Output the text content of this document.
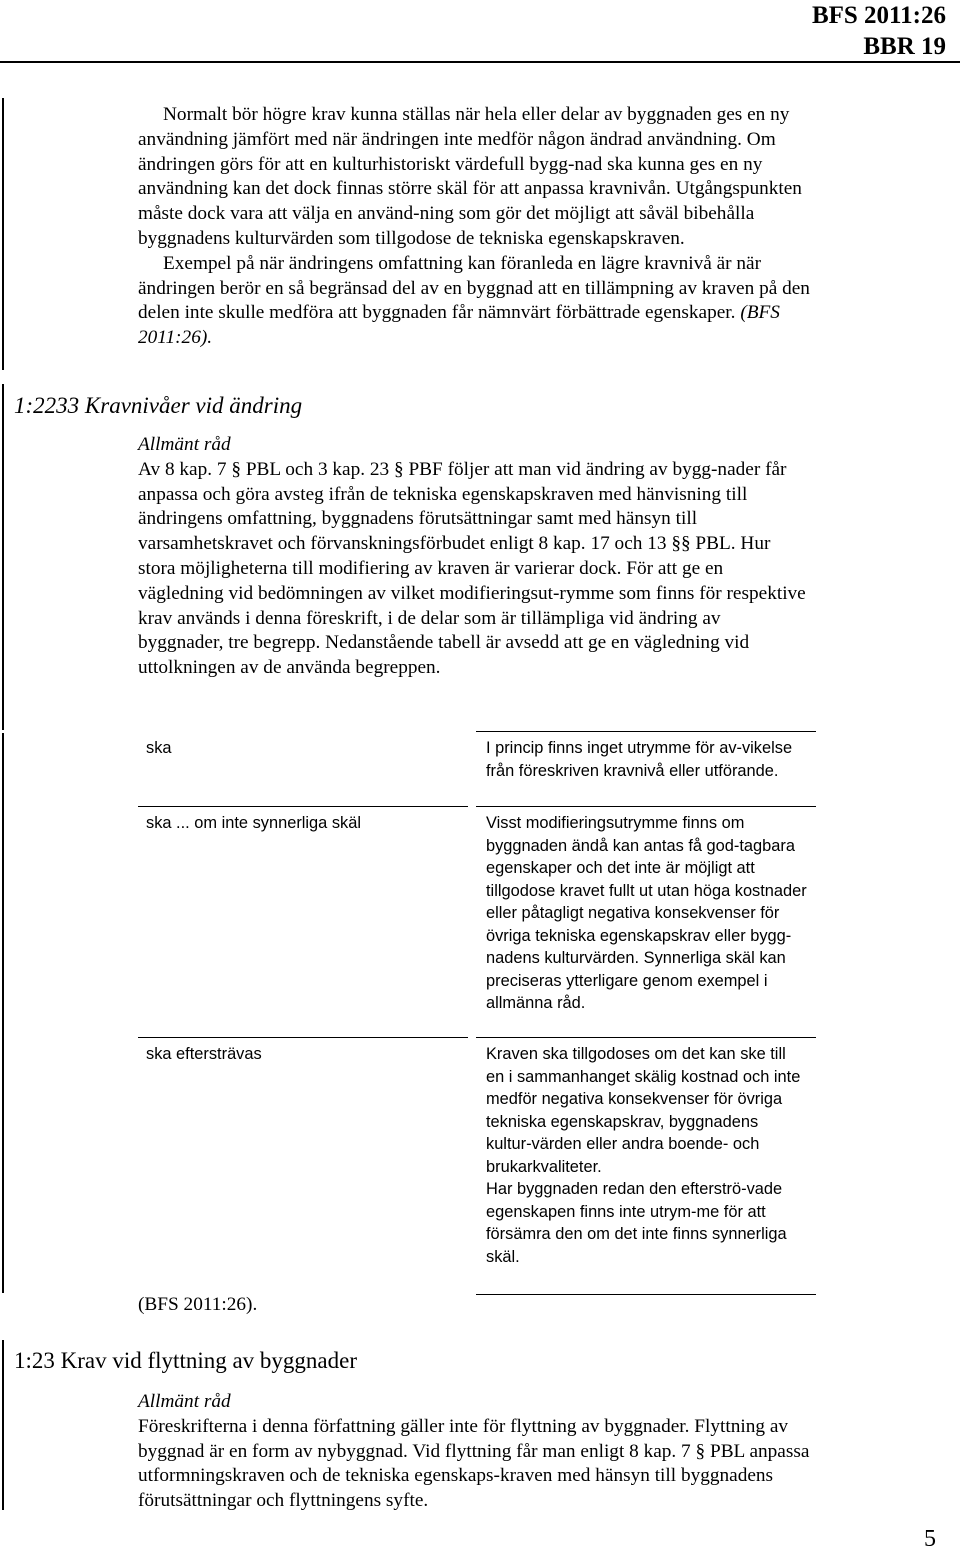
BFS 2011:26
BBR 19

Normalt bör högre krav kunna ställas när hela eller delar av byggnaden ges en ny användning jämfört med när ändringen inte medför någon ändrad användning. Om ändringen görs för att en kulturhistoriskt värdefull bygg-nad ska kunna ges en ny användning kan det dock finnas större skäl för att anpassa kravnivån. Utgångspunkten måste dock vara att välja en använd-ning som gör det möjligt att såväl bibehålla byggnadens kulturvärden som tillgodose de tekniska egenskapskraven.

Exempel på när ändringens omfattning kan föranleda en lägre kravnivå är när ändringen berör en så begränsad del av en byggnad att en tillämpning av kraven på den delen inte skulle medföra att byggnaden får nämnvärt förbättrade egenskaper. (BFS 2011:26).

1:2233 Kravnivåer vid ändring

Allmänt råd

Av 8 kap. 7 § PBL och 3 kap. 23 § PBF följer att man vid ändring av bygg-nader får anpassa och göra avsteg ifrån de tekniska egenskapskraven med hänvisning till ändringens omfattning, byggnadens förutsättningar samt med hänsyn till varsamhetskravet och förvanskningsförbudet enligt 8 kap. 17 och 13 §§ PBL. Hur stora möjligheterna till modifiering av kraven är varierar dock. För att ge en vägledning vid bedömningen av vilket modifieringsut-rymme som finns för respektive krav används i denna föreskrift, i de delar som är tillämpliga vid ändring av byggnader, tre begrepp. Nedanstående tabell är avsedd att ge en vägledning vid uttolkningen av de använda begreppen.

ska	I princip finns inget utrymme för av-vikelse från föreskriven kravnivå eller utförande.
ska ... om inte synnerliga skäl	Visst modifieringsutrymme finns om byggnaden ändå kan antas få god-tagbara egenskaper och det inte är möjligt att tillgodose kravet fullt ut utan höga kostnader eller påtagligt negativa konsekvenser för övriga tekniska egenskapskrav eller bygg-nadens kulturvärden. Synnerliga skäl kan preciseras ytterligare genom exempel i allmänna råd.
ska eftersträvas	Kraven ska tillgodoses om det kan ske till en i sammanhanget skälig kostnad och inte medför negativa konsekvenser för övriga tekniska egenskapskrav, byggnadens kultur-värden eller andra boende- och brukarkvaliteter.
Har byggnaden redan den efterströ-vade egenskapen finns inte utrym-me för att försämra den om det inte finns synnerliga skäl.
(BFS 2011:26).
1:23 Krav vid flyttning av byggnader

Allmänt råd

Föreskrifterna i denna författning gäller inte för flyttning av byggnader. Flyttning av byggnad är en form av nybyggnad. Vid flyttning får man enligt 8 kap. 7 § PBL anpassa utformningskraven och de tekniska egenskaps-kraven med hänsyn till byggnadens förutsättningar och flyttningens syfte.

5
